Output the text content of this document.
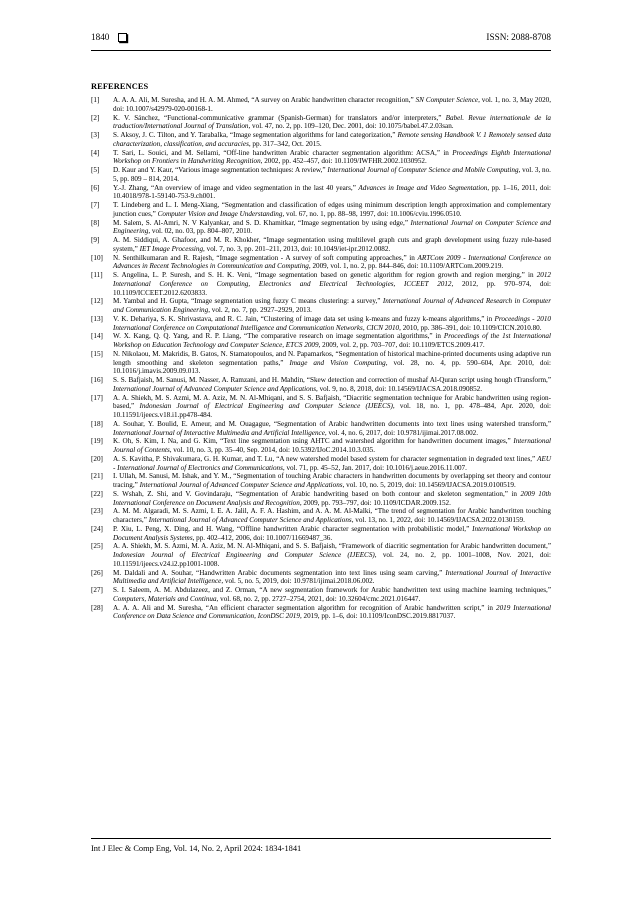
1840	ISSN: 2088-8708
REFERENCES
[1] A. A. A. Ali, M. Suresha, and H. A. M. Ahmed, “A survey on Arabic handwritten character recognition,” SN Computer Science, vol. 1, no. 3, May 2020, doi: 10.1007/s42979-020-00168-1.
[2] K. V. Sánchez, “Functional-communicative grammar (Spanish-German) for translators and/or interpreters,” Babel. Revue internationale de la traduction/International Journal of Translation, vol. 47, no. 2, pp. 109–120, Dec. 2001, doi: 10.1075/babel.47.2.03san.
[3] S. Aksoy, J. C. Tilton, and Y. Tarabalka, “Image segmentation algorithms for land categorization,” Remote sensing Handbook V. 1 Remotely sensed data characterization, classification, and accuracies, pp. 317–342, Oct. 2015.
[4] T. Sari, L. Souici, and M. Sellami, “Off-line handwritten Arabic character segmentation algorithm: ACSA,” in Proceedings Eighth International Workshop on Frontiers in Handwriting Recognition, 2002, pp. 452–457, doi: 10.1109/IWFHR.2002.1030952.
[5] D. Kaur and Y. Kaur, “Various image segmentation techniques: A review,” International Journal of Computer Science and Mobile Computing, vol. 3, no. 5, pp. 809 – 814, 2014.
[6] Y.-J. Zhang, “An overview of image and video segmentation in the last 40 years,” Advances in Image and Video Segmentation, pp. 1–16, 2011, doi: 10.4018/978-1-59140-753-9.ch001.
[7] T. Lindeberg and L. I. Meng-Xiang, “Segmentation and classification of edges using minimum description length approximation and complementary junction cues,” Computer Vision and Image Understanding, vol. 67, no. 1, pp. 88–98, 1997, doi: 10.1006/cviu.1996.0510.
[8] M. Salem, S. Al-Amri, N. V Kalyankar, and S. D. Khamitkar, “Image segmentation by using edge,” International Journal on Computer Science and Engineering, vol. 02, no. 03, pp. 804–807, 2010.
[9] A. M. Siddiqui, A. Ghafoor, and M. R. Khokher, “Image segmentation using multilevel graph cuts and graph development using fuzzy rule-based system,” IET Image Processing, vol. 7, no. 3, pp. 201–211, 2013, doi: 10.1049/iet-ipr.2012.0082.
[10] N. Senthilkumaran and R. Rajesh, “Image segmentation - A survey of soft computing approaches,” in ARTCom 2009 - International Conference on Advances in Recent Technologies in Communication and Computing, 2009, vol. 1, no. 2, pp. 844–846, doi: 10.1109/ARTCom.2009.219.
[11] S. Angelina, L. P. Suresh, and S. H. K. Veni, “Image segmentation based on genetic algorithm for region growth and region merging,” in 2012 International Conference on Computing, Electronics and Electrical Technologies, ICCEET 2012, 2012, pp. 970–974, doi: 10.1109/ICCEET.2012.6203833.
[12] M. Yambal and H. Gupta, “Image segmentation using fuzzy C means clustering: a survey,” International Journal of Advanced Research in Computer and Communication Engineering, vol. 2, no. 7, pp. 2927–2929, 2013.
[13] V. K. Dehariya, S. K. Shrivastava, and R. C. Jain, “Clustering of image data set using k-means and fuzzy k-means algorithms,” in Proceedings - 2010 International Conference on Computational Intelligence and Communication Networks, CICN 2010, 2010, pp. 386–391, doi: 10.1109/CICN.2010.80.
[14] W. X. Kang, Q. Q. Yang, and R. P. Liang, “The comparative research on image segmentation algorithms,” in Proceedings of the 1st International Workshop on Education Technology and Computer Science, ETCS 2009, 2009, vol. 2, pp. 703–707, doi: 10.1109/ETCS.2009.417.
[15] N. Nikolaou, M. Makridis, B. Gatos, N. Stamatopoulos, and N. Papamarkos, “Segmentation of historical machine-printed documents using adaptive run length smoothing and skeleton segmentation paths,” Image and Vision Computing, vol. 28, no. 4, pp. 590–604, Apr. 2010, doi: 10.1016/j.imavis.2009.09.013.
[16] S. S. Bafjaish, M. Sanusi, M. Nasser, A. Ramzani, and H. Mahdin, “Skew detection and correction of mushaf Al-Quran script using hough tTransform,” International Journal of Advanced Computer Science and Applications, vol. 9, no. 8, 2018, doi: 10.14569/IJACSA.2018.090852.
[17] A. A. Shiekh, M. S. Azmi, M. A. Aziz, M. N. Al-Mhiqani, and S. S. Bafjaish, “Diacritic segmentation technique for Arabic handwritten using region-based,” Indonesian Journal of Electrical Engineering and Computer Science (IJEECS), vol. 18, no. 1, pp. 478–484, Apr. 2020, doi: 10.11591/ijeecs.v18.i1.pp478-484.
[18] A. Souhar, Y. Boulid, E. Ameur, and M. Ouagague, “Segmentation of Arabic handwritten documents into text lines using watershed transform,” International Journal of Interactive Multimedia and Artificial Intelligence, vol. 4, no. 6, 2017, doi: 10.9781/ijimai.2017.08.002.
[19] K. Oh, S. Kim, I. Na, and G. Kim, “Text line segmentation using AHTC and watershed algorithm for handwritten document images,” International Journal of Contents, vol. 10, no. 3, pp. 35–40, Sep. 2014, doi: 10.5392/IJoC.2014.10.3.035.
[20] A. S. Kavitha, P. Shivakumara, G. H. Kumar, and T. Lu, “A new watershed model based system for character segmentation in degraded text lines,” AEU - International Journal of Electronics and Communications, vol. 71, pp. 45–52, Jan. 2017, doi: 10.1016/j.aeue.2016.11.007.
[21] I. Ullah, M. Sanusi, M. Ishak, and Y. M., “Segmentation of touching Arabic characters in handwritten documents by overlapping set theory and contour tracing,” International Journal of Advanced Computer Science and Applications, vol. 10, no. 5, 2019, doi: 10.14569/IJACSA.2019.0100519.
[22] S. Wshah, Z. Shi, and V. Govindaraju, “Segmentation of Arabic handwriting based on both contour and skeleton segmentation,” in 2009 10th International Conference on Document Analysis and Recognition, 2009, pp. 793–797, doi: 10.1109/ICDAR.2009.152.
[23] A. M. M. Algaradi, M. S. Azmi, I. E. A. Jalil, A. F. A. Hashim, and A. A. M. Al-Malki, “The trend of segmentation for Arabic handwritten touching characters,” International Journal of Advanced Computer Science and Applications, vol. 13, no. 1, 2022, doi: 10.14569/IJACSA.2022.0130159.
[24] P. Xiu, L. Peng, X. Ding, and H. Wang, “Offline handwritten Arabic character segmentation with probabilistic model,” International Workshop on Document Analysis Systems, pp. 402–412, 2006, doi: 10.1007/11669487_36.
[25] A. A. Shiekh, M. S. Azmi, M. A. Aziz, M. N. Al-Mhiqani, and S. S. Bafjaish, “Framework of diacritic segmentation for Arabic handwritten document,” Indonesian Journal of Electrical Engineering and Computer Science (IJEECS), vol. 24, no. 2, pp. 1001–1008, Nov. 2021, doi: 10.11591/ijeecs.v24.i2.pp1001-1008.
[26] M. Daldali and A. Souhar, “Handwritten Arabic documents segmentation into text lines using seam carving,” International Journal of Interactive Multimedia and Artificial Intelligence, vol. 5, no. 5, 2019, doi: 10.9781/ijimai.2018.06.002.
[27] S. I. Saleem, A. M. Abdulazeez, and Z. Orman, “A new segmentation framework for Arabic handwritten text using machine learning techniques,” Computers, Materials and Continua, vol. 68, no. 2, pp. 2727–2754, 2021, doi: 10.32604/cmc.2021.016447.
[28] A. A. A. Ali and M. Suresha, “An efficient character segmentation algorithm for recognition of Arabic handwritten script,” in 2019 International Conference on Data Science and Communication, IconDSC 2019, 2019, pp. 1–6, doi: 10.1109/IconDSC.2019.8817037.
Int J Elec & Comp Eng, Vol. 14, No. 2, April 2024: 1834-1841
